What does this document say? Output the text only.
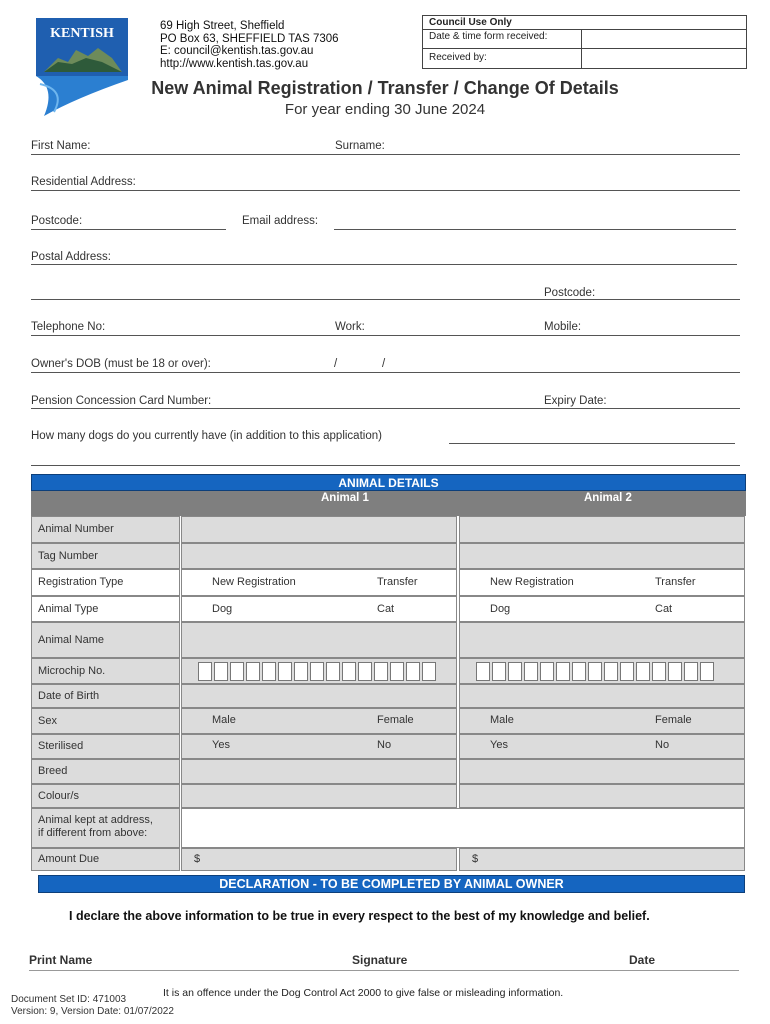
KENTISH	69 High Street, Sheffield
PO Box 63, SHEFFIELD TAS 7306
E: council@kentish.tas.gov.au
http://www.kentish.tas.gov.au
Council Use Only
Date & time form received:
Received by:
New Animal Registration / Transfer / Change Of Details
For year ending 30 June 2024
First Name:	Surname:
Residential Address:
Postcode:	Email address:
Postal Address:
Postcode:
Telephone No:	Work:	Mobile:
Owner's DOB (must be 18 or over):	/	/
Pension Concession Card Number:	Expiry Date:
How many dogs do you currently have (in addition to this application)
ANIMAL DETAILS
Animal 1	Animal 2
Animal Number
Tag Number
Registration Type	New Registration	Transfer	New Registration	Transfer
Animal Type	Dog	Cat	Dog	Cat
Animal Name
Microchip No.
Date of Birth
Sex	Male	Female	Male	Female
Sterilised	Yes	No	Yes	No
Breed
Colour/s
Animal kept at address,
if different from above:
Amount Due	$	$
DECLARATION - TO BE COMPLETED BY ANIMAL OWNER
I declare the above information to be true in every respect to the best of my knowledge and belief.
Print Name	Signature	Date
It is an offence under the Dog Control Act 2000 to give false or misleading information.
Document Set ID: 471003
Version: 9, Version Date: 01/07/2022
